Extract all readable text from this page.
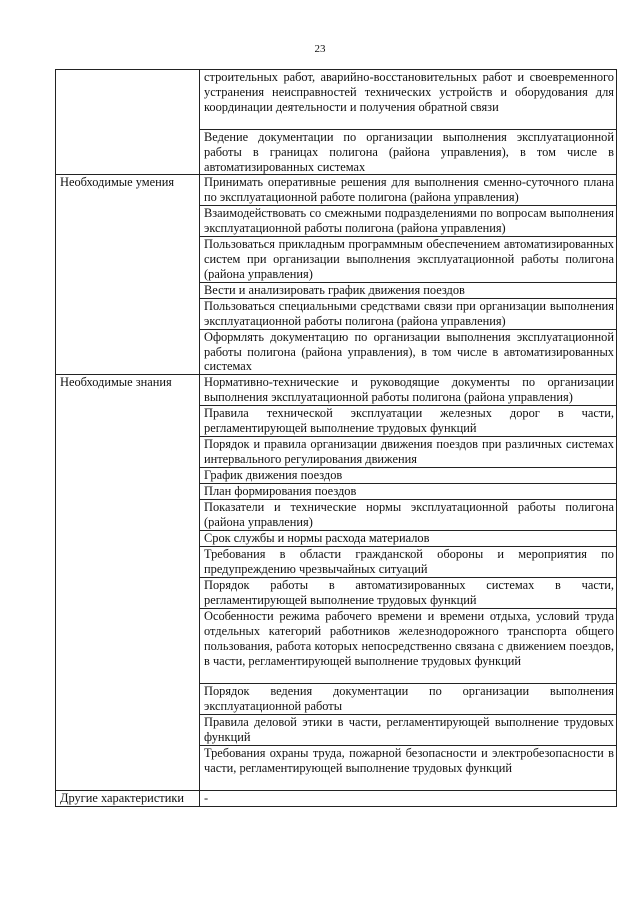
23
	строительных работ, аварийно-восстановительных работ и своевременного устранения неисправностей технических устройств и оборудования для координации деятельности и получения обратной связи
	Ведение документации по организации выполнения эксплуатационной работы в границах полигона (района управления), в том числе в автоматизированных системах
Необходимые умения	Принимать оперативные решения для выполнения сменно-суточного плана по эксплуатационной работе полигона (района управления)
	Взаимодействовать со смежными подразделениями по вопросам выполнения эксплуатационной работы полигона (района управления)
	Пользоваться прикладным программным обеспечением автоматизированных систем при организации выполнения эксплуатационной работы полигона (района управления)
	Вести и анализировать график движения поездов
	Пользоваться специальными средствами связи при организации выполнения эксплуатационной работы полигона (района управления)
	Оформлять документацию по организации выполнения эксплуатационной работы полигона (района управления), в том числе в автоматизированных системах
Необходимые знания	Нормативно-технические и руководящие документы по организации выполнения эксплуатационной работы полигона (района управления)
	Правила технической эксплуатации железных дорог в части, регламентирующей выполнение трудовых функций
	Порядок и правила организации движения поездов при различных системах интервального регулирования движения
	График движения поездов
	План формирования поездов
	Показатели и технические нормы эксплуатационной работы полигона (района управления)
	Срок службы и нормы расхода материалов
	Требования в области гражданской обороны и мероприятия по предупреждению чрезвычайных ситуаций
	Порядок работы в автоматизированных системах в части, регламентирующей выполнение трудовых функций
	Особенности режима рабочего времени и времени отдыха, условий труда отдельных категорий работников железнодорожного транспорта общего пользования, работа которых непосредственно связана с движением поездов, в части, регламентирующей выполнение трудовых функций
	Порядок ведения документации по организации выполнения эксплуатационной работы
	Правила деловой этики в части, регламентирующей выполнение трудовых функций
	Требования охраны труда, пожарной безопасности и электробезопасности в части, регламентирующей выполнение трудовых функций
Другие характеристики	-
